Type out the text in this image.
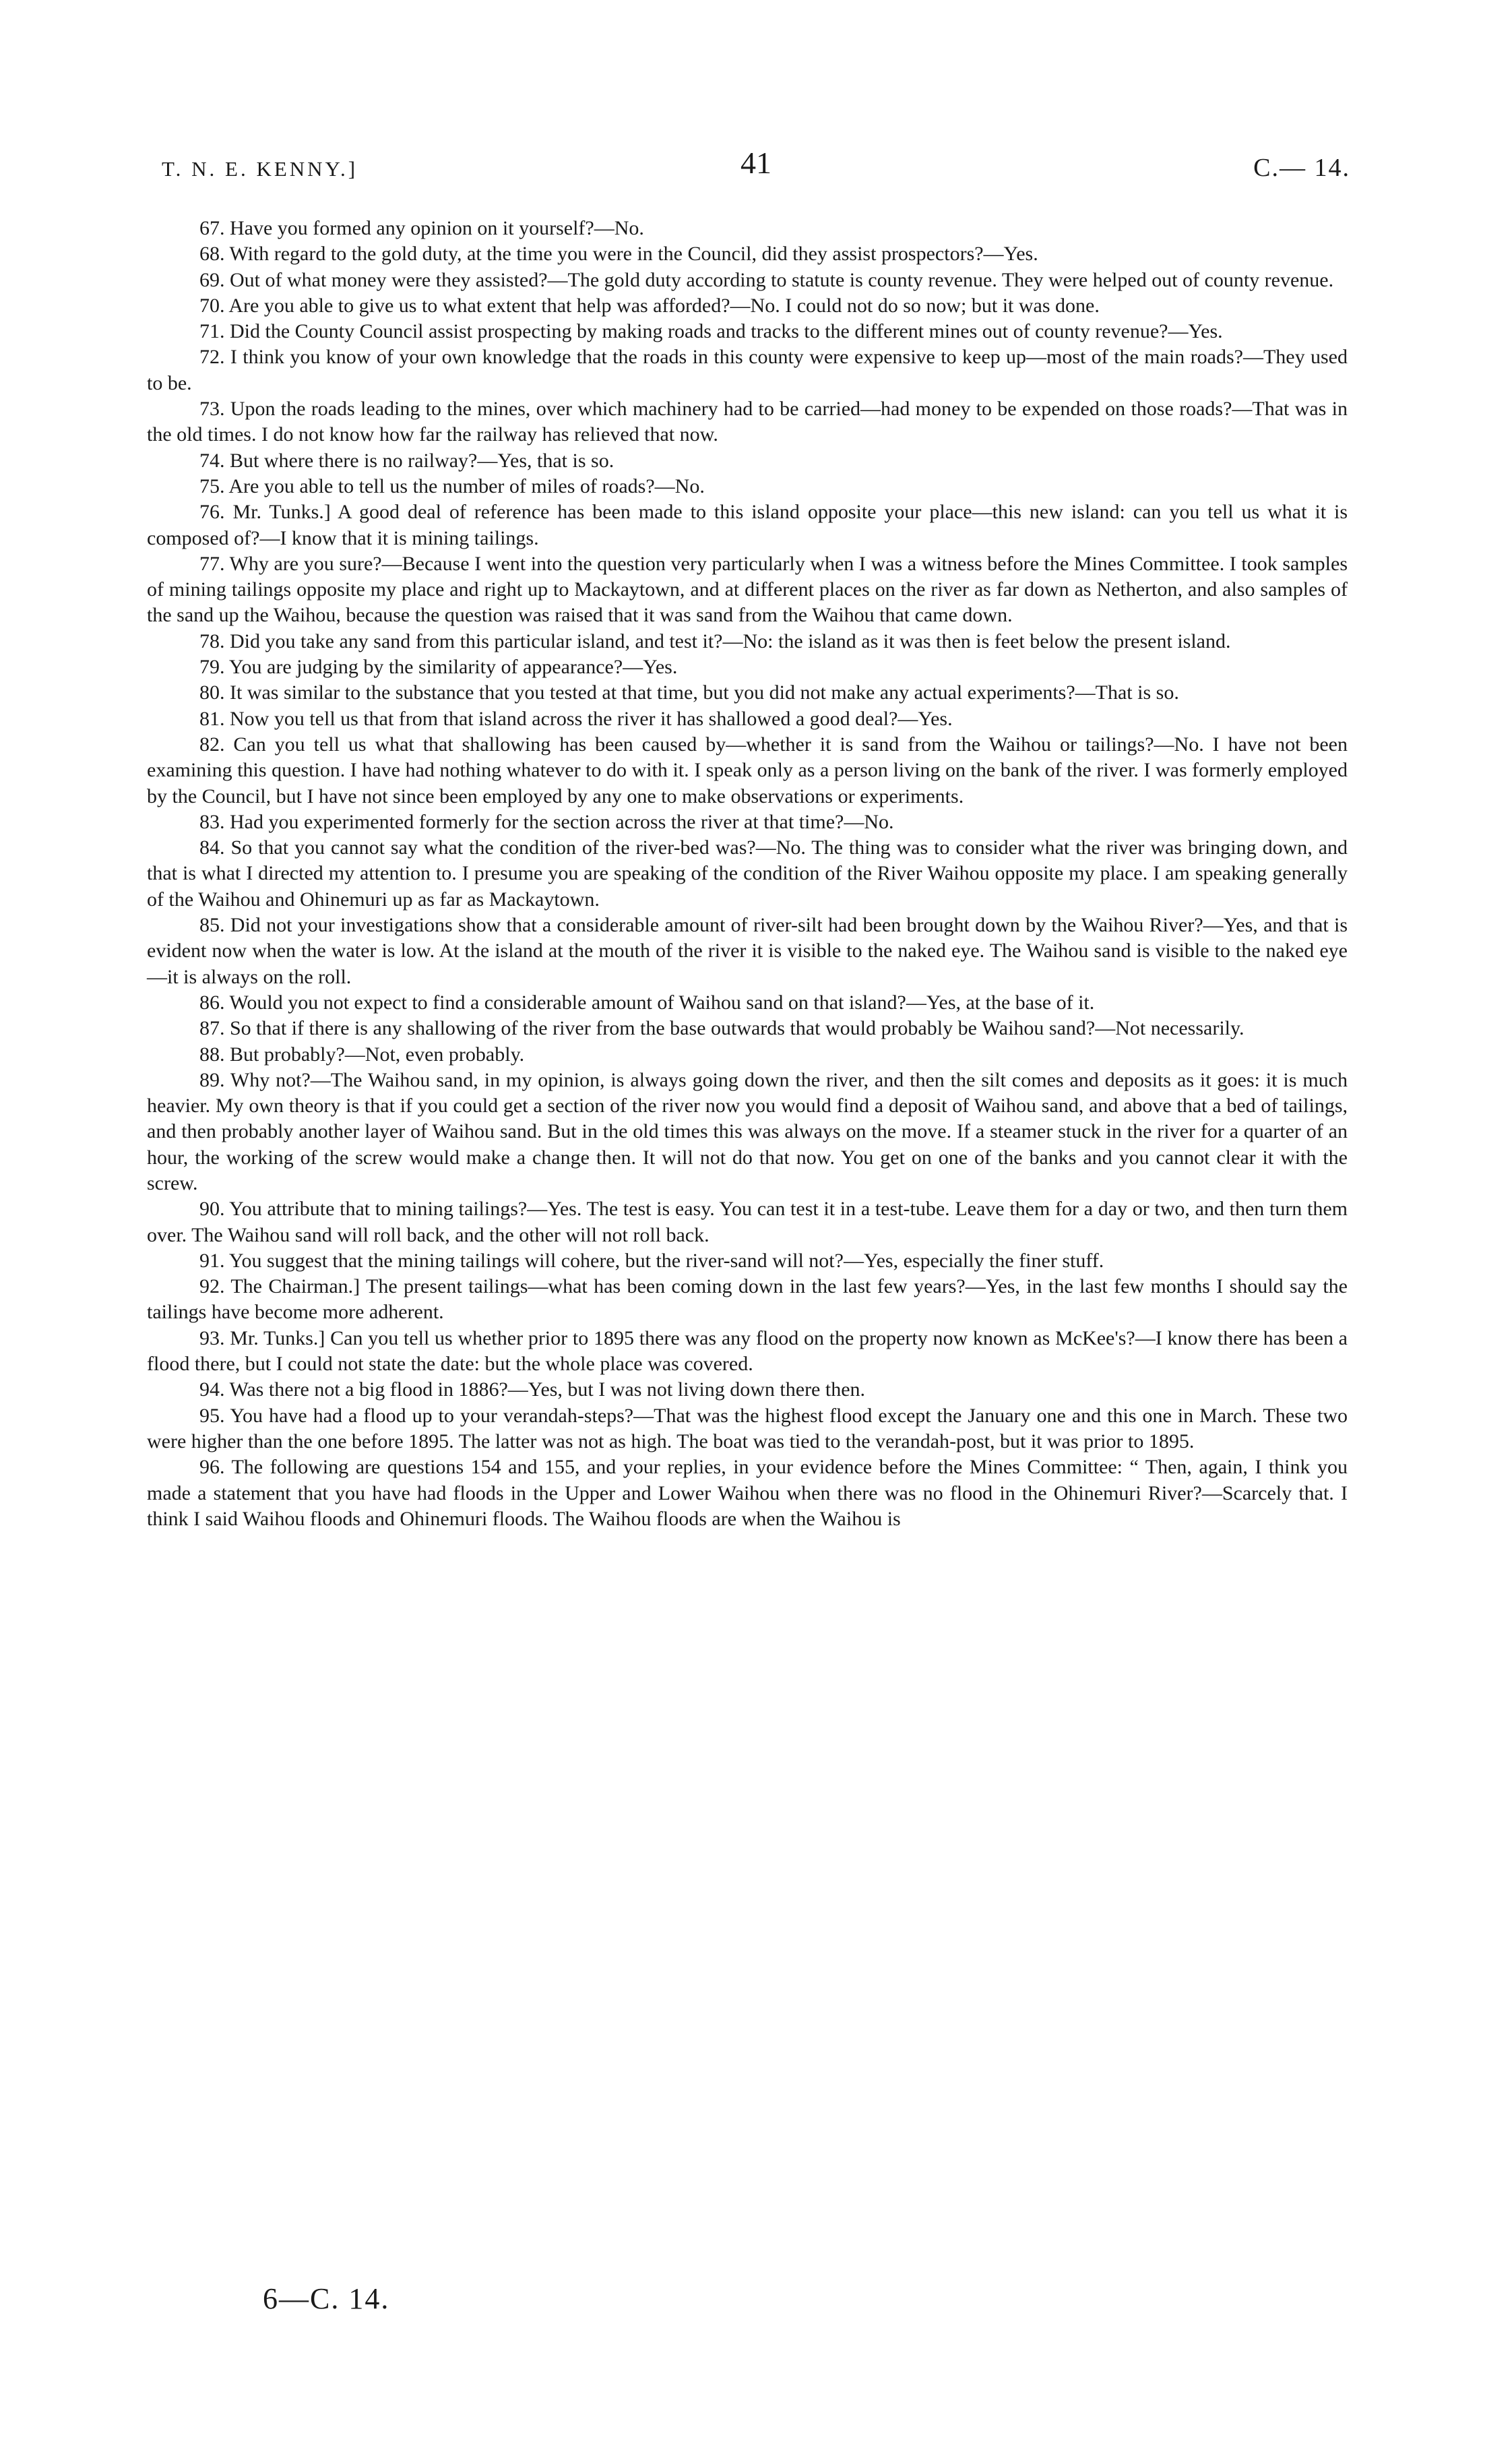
T. N. E. KENNY.]	41	C.— 14.

67. Have you formed any opinion on it yourself?—No.

68. With regard to the gold duty, at the time you were in the Council, did they assist prospectors?—Yes.

69. Out of what money were they assisted?—The gold duty according to statute is county revenue. They were helped out of county revenue.

70. Are you able to give us to what extent that help was afforded?—No. I could not do so now; but it was done.

71. Did the County Council assist prospecting by making roads and tracks to the different mines out of county revenue?—Yes.

72. I think you know of your own knowledge that the roads in this county were expensive to keep up—most of the main roads?—They used to be.

73. Upon the roads leading to the mines, over which machinery had to be carried—had money to be expended on those roads?—That was in the old times. I do not know how far the railway has relieved that now.

74. But where there is no railway?—Yes, that is so.

75. Are you able to tell us the number of miles of roads?—No.

76. Mr. Tunks.] A good deal of reference has been made to this island opposite your place—this new island: can you tell us what it is composed of?—I know that it is mining tailings.

77. Why are you sure?—Because I went into the question very particularly when I was a witness before the Mines Committee. I took samples of mining tailings opposite my place and right up to Mackaytown, and at different places on the river as far down as Netherton, and also samples of the sand up the Waihou, because the question was raised that it was sand from the Waihou that came down.

78. Did you take any sand from this particular island, and test it?—No: the island as it was then is feet below the present island.

79. You are judging by the similarity of appearance?—Yes.

80. It was similar to the substance that you tested at that time, but you did not make any actual experiments?—That is so.

81. Now you tell us that from that island across the river it has shallowed a good deal?—Yes.

82. Can you tell us what that shallowing has been caused by—whether it is sand from the Waihou or tailings?—No. I have not been examining this question. I have had nothing whatever to do with it. I speak only as a person living on the bank of the river. I was formerly employed by the Council, but I have not since been employed by any one to make observations or experiments.

83. Had you experimented formerly for the section across the river at that time?—No.

84. So that you cannot say what the condition of the river-bed was?—No. The thing was to consider what the river was bringing down, and that is what I directed my attention to. I presume you are speaking of the condition of the River Waihou opposite my place. I am speaking generally of the Waihou and Ohinemuri up as far as Mackaytown.

85. Did not your investigations show that a considerable amount of river-silt had been brought down by the Waihou River?—Yes, and that is evident now when the water is low. At the island at the mouth of the river it is visible to the naked eye. The Waihou sand is visible to the naked eye—it is always on the roll.

86. Would you not expect to find a considerable amount of Waihou sand on that island?—Yes, at the base of it.

87. So that if there is any shallowing of the river from the base outwards that would probably be Waihou sand?—Not necessarily.

88. But probably?—Not, even probably.

89. Why not?—The Waihou sand, in my opinion, is always going down the river, and then the silt comes and deposits as it goes: it is much heavier. My own theory is that if you could get a section of the river now you would find a deposit of Waihou sand, and above that a bed of tailings, and then probably another layer of Waihou sand. But in the old times this was always on the move. If a steamer stuck in the river for a quarter of an hour, the working of the screw would make a change then. It will not do that now. You get on one of the banks and you cannot clear it with the screw.

90. You attribute that to mining tailings?—Yes. The test is easy. You can test it in a test-tube. Leave them for a day or two, and then turn them over. The Waihou sand will roll back, and the other will not roll back.

91. You suggest that the mining tailings will cohere, but the river-sand will not?—Yes, especially the finer stuff.

92. The Chairman.] The present tailings—what has been coming down in the last few years?—Yes, in the last few months I should say the tailings have become more adherent.

93. Mr. Tunks.] Can you tell us whether prior to 1895 there was any flood on the property now known as McKee's?—I know there has been a flood there, but I could not state the date: but the whole place was covered.

94. Was there not a big flood in 1886?—Yes, but I was not living down there then.

95. You have had a flood up to your verandah-steps?—That was the highest flood except the January one and this one in March. These two were higher than the one before 1895. The latter was not as high. The boat was tied to the verandah-post, but it was prior to 1895.

96. The following are questions 154 and 155, and your replies, in your evidence before the Mines Committee: “ Then, again, I think you made a statement that you have had floods in the Upper and Lower Waihou when there was no flood in the Ohinemuri River?—Scarcely that. I think I said Waihou floods and Ohinemuri floods. The Waihou floods are when the Waihou is

6—C. 14.
